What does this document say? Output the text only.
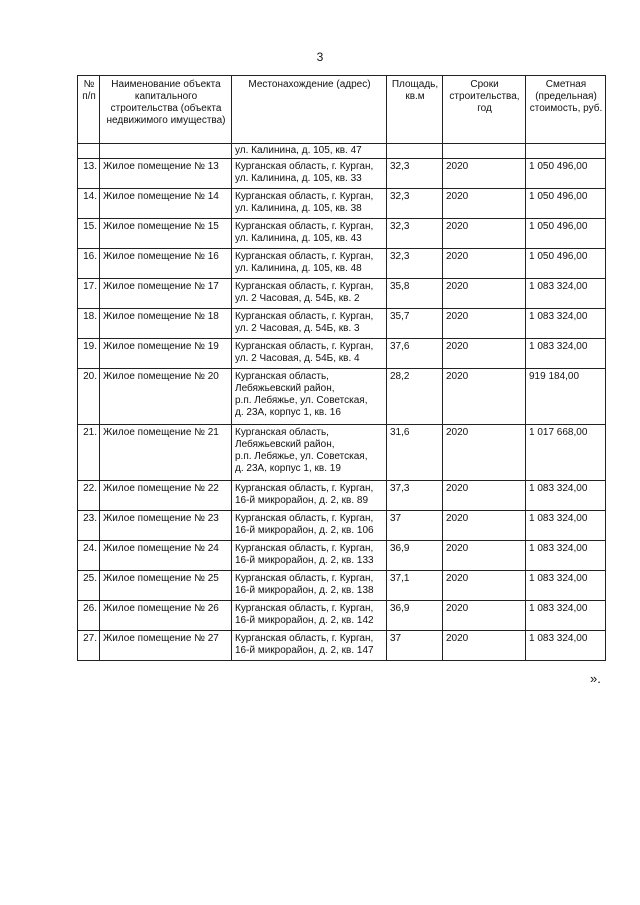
3
№ п/п	Наименование объекта капитального строительства (объекта недвижимого имущества)	Местонахождение (адрес)	Площадь, кв.м	Сроки строительства, год	Сметная (предельная) стоимость, руб.
		ул. Калинина, д. 105, кв. 47			
13.	Жилое помещение № 13	Курганская область, г. Курган,
ул. Калинина, д. 105, кв. 33	32,3	2020	1 050 496,00
14.	Жилое помещение № 14	Курганская область, г. Курган,
ул. Калинина, д. 105, кв. 38	32,3	2020	1 050 496,00
15.	Жилое помещение № 15	Курганская область, г. Курган,
ул. Калинина, д. 105, кв. 43	32,3	2020	1 050 496,00
16.	Жилое помещение № 16	Курганская область, г. Курган,
ул. Калинина, д. 105, кв. 48	32,3	2020	1 050 496,00
17.	Жилое помещение № 17	Курганская область, г. Курган,
ул. 2 Часовая, д. 54Б, кв. 2	35,8	2020	1 083 324,00
18.	Жилое помещение № 18	Курганская область, г. Курган,
ул. 2 Часовая, д. 54Б, кв. 3	35,7	2020	1 083 324,00
19.	Жилое помещение № 19	Курганская область, г. Курган,
ул. 2 Часовая, д. 54Б, кв. 4	37,6	2020	1 083 324,00
20.	Жилое помещение № 20	Курганская область,
Лебяжьевский район,
р.п. Лебяжье, ул. Советская,
д. 23А, корпус 1, кв. 16	28,2	2020	919 184,00
21.	Жилое помещение № 21	Курганская область,
Лебяжьевский район,
р.п. Лебяжье, ул. Советская,
д. 23А, корпус 1, кв. 19	31,6	2020	1 017 668,00
22.	Жилое помещение № 22	Курганская область, г. Курган,
16-й микрорайон, д. 2, кв. 89	37,3	2020	1 083 324,00
23.	Жилое помещение № 23	Курганская область, г. Курган,
16-й микрорайон, д. 2, кв. 106	37	2020	1 083 324,00
24.	Жилое помещение № 24	Курганская область, г. Курган,
16-й микрорайон, д. 2, кв. 133	36,9	2020	1 083 324,00
25.	Жилое помещение № 25	Курганская область, г. Курган,
16-й микрорайон, д. 2, кв. 138	37,1	2020	1 083 324,00
26.	Жилое помещение № 26	Курганская область, г. Курган,
16-й микрорайон, д. 2, кв. 142	36,9	2020	1 083 324,00
27.	Жилое помещение № 27	Курганская область, г. Курган,
16-й микрорайон, д. 2, кв. 147	37	2020	1 083 324,00
».
